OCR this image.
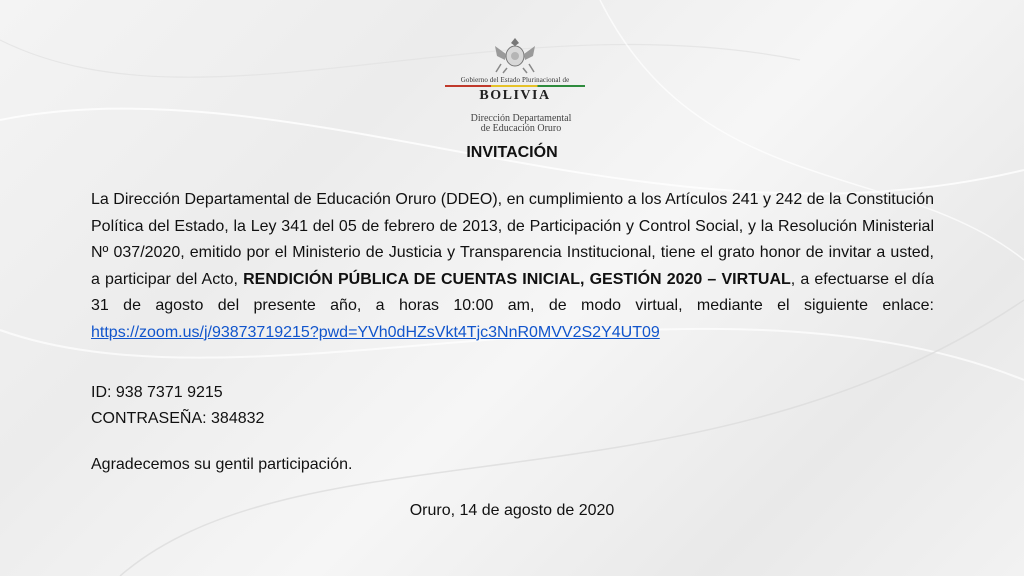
Gobierno del Estado Plurinacional de
BOLIVIA
Dirección Departamental
de Educación Oruro
INVITACIÓN

La Dirección Departamental de Educación Oruro (DDEO), en cumplimiento a los Artículos 241 y 242 de la Constitución Política del Estado, la Ley 341 del 05 de febrero de 2013, de Participación y Control Social, y la Resolución Ministerial Nº 037/2020, emitido por el Ministerio de Justicia y Transparencia Institucional, tiene el grato honor de invitar a usted, a participar del Acto, RENDICIÓN PÚBLICA DE CUENTAS INICIAL, GESTIÓN 2020 – VIRTUAL, a efectuarse el día 31 de agosto del presente año, a horas 10:00 am, de modo virtual, mediante el siguiente enlace: https://zoom.us/j/93873719215?pwd=YVh0dHZsVkt4Tjc3NnR0MVV2S2Y4UT09

ID: 938 7371 9215
CONTRASEÑA: 384832
Agradecemos su gentil participación.
Oruro, 14 de agosto de 2020
